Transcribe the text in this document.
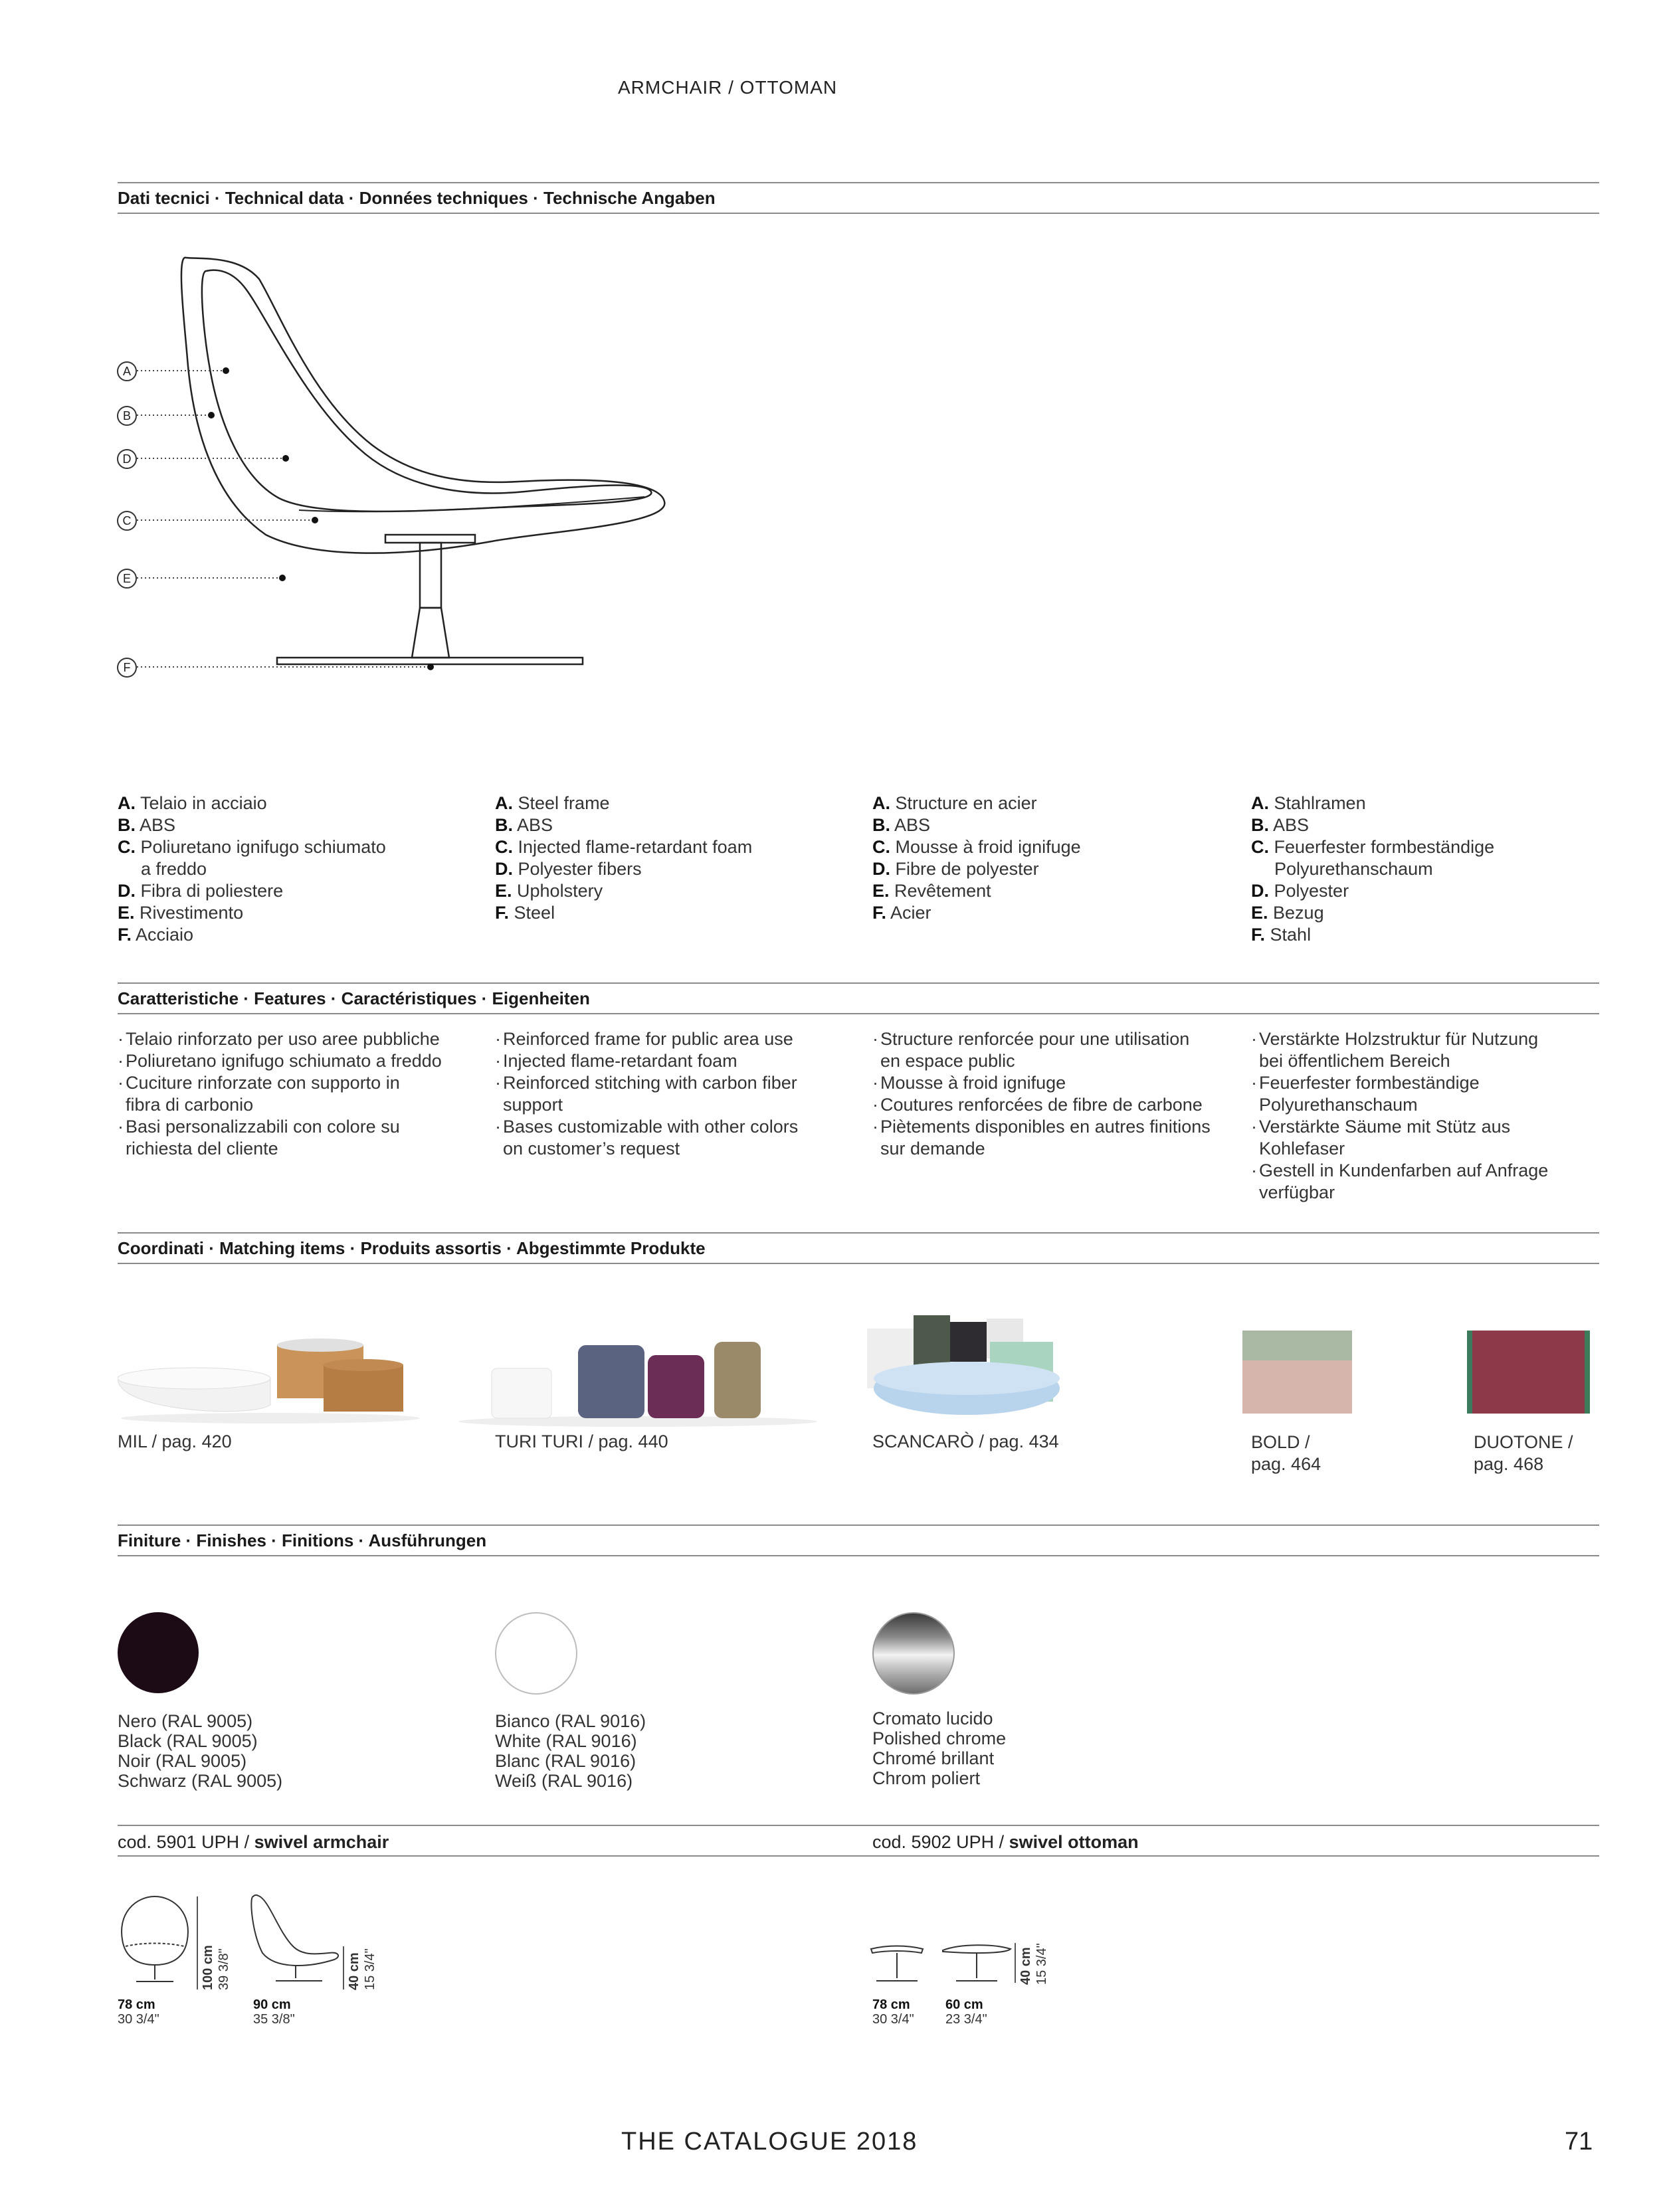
ARMCHAIR / OTTOMAN
Dati tecnici · Technical data · Données techniques · Technische Angaben
A
B
D
C
E
F
A. Telaio in acciaio
B. ABS
C. Poliuretano ignifugo schiumato
a freddo
D. Fibra di poliestere
E. Rivestimento
F. Acciaio
A. Steel frame
B. ABS
C. Injected flame-retardant foam
D. Polyester fibers
E. Upholstery
F. Steel
A. Structure en acier
B. ABS
C. Mousse à froid ignifuge
D. Fibre de polyester
E. Revêtement
F. Acier
A. Stahlramen
B. ABS
C. Feuerfester formbeständige
Polyurethanschaum
D. Polyester
E. Bezug
F. Stahl
Caratteristiche · Features · Caractéristiques · Eigenheiten
· Telaio rinforzato per uso aree pubbliche
· Poliuretano ignifugo schiumato a freddo
· Cuciture rinforzate con supporto in
fibra di carbonio
· Basi personalizzabili con colore su
richiesta del cliente
· Reinforced frame for public area use
· Injected flame-retardant foam
· Reinforced stitching with carbon fiber
support
· Bases customizable with other colors
on customer’s request
· Structure renforcée pour une utilisation
en espace public
· Mousse à froid ignifuge
· Coutures renforcées de fibre de carbone
· Piètements disponibles en autres finitions
sur demande
· Verstärkte Holzstruktur für Nutzung
bei öffentlichem Bereich
· Feuerfester formbeständige
Polyurethanschaum
· Verstärkte Säume mit Stütz aus
Kohlefaser
· Gestell in Kundenfarben auf Anfrage
verfügbar
Coordinati · Matching items · Produits assortis · Abgestimmte Produkte
MIL / pag. 420	TURI TURI / pag. 440	SCANCARÒ / pag. 434	BOLD /
pag. 464
DUOTONE /
pag. 468
Finiture · Finishes · Finitions · Ausführungen
Nero (RAL 9005)
Black (RAL 9005)
Noir (RAL 9005)
Schwarz (RAL 9005)
Bianco (RAL 9016)
White (RAL 9016)
Blanc (RAL 9016)
Weiß (RAL 9016)
Cromato lucido
Polished chrome
Chromé brillant
Chrom poliert
cod. 5901 UPH / swivel armchair	cod. 5902 UPH / swivel ottoman
100 cm 39 3/8"	40 cm 15 3/4"
78 cm
30 3/4"
90 cm
35 3/8"
40 cm 15 3/4"
78 cm
30 3/4"
60 cm
23 3/4"
THE CATALOGUE 2018	71
